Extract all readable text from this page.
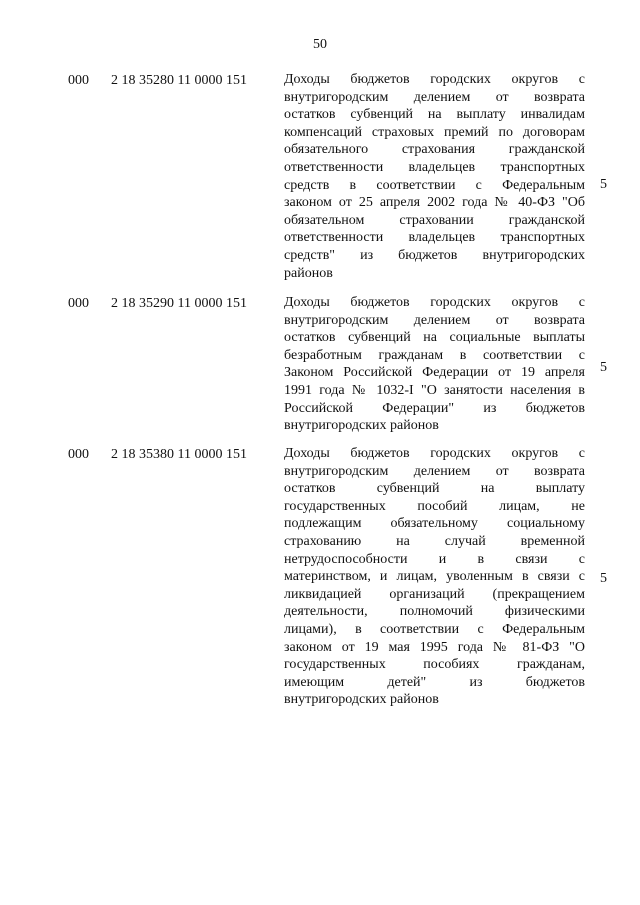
50
000 2 18 35280 11 0000 151	Доходы бюджетов городских округов с
внутригородским делением от возврата
остатков субвенций на выплату инвалидам
компенсаций страховых премий по договорам
обязательного страхования гражданской
ответственности владельцев транспортных
средств в соответствии с Федеральным
законом от 25 апреля 2002 года № 40-ФЗ "Об
обязательном страховании гражданской
ответственности владельцев транспортных
средств" из бюджетов внутригородских
районов
5
000 2 18 35290 11 0000 151	Доходы бюджетов городских округов с
внутригородским делением от возврата
остатков субвенций на социальные выплаты
безработным гражданам в соответствии с
Законом Российской Федерации от 19 апреля
1991 года № 1032-I "О занятости населения в
Российской Федерации" из бюджетов
внутригородских районов
5
000 2 18 35380 11 0000 151	Доходы бюджетов городских округов с
внутригородским делением от возврата
остатков субвенций на выплату
государственных пособий лицам, не
подлежащим обязательному социальному
страхованию на случай временной
нетрудоспособности и в связи с
материнством, и лицам, уволенным в связи с
ликвидацией организаций (прекращением
деятельности, полномочий физическими
лицами), в соответствии с Федеральным
законом от 19 мая 1995 года № 81-ФЗ "О
государственных пособиях гражданам,
имеющим детей" из бюджетов
внутригородских районов
5
